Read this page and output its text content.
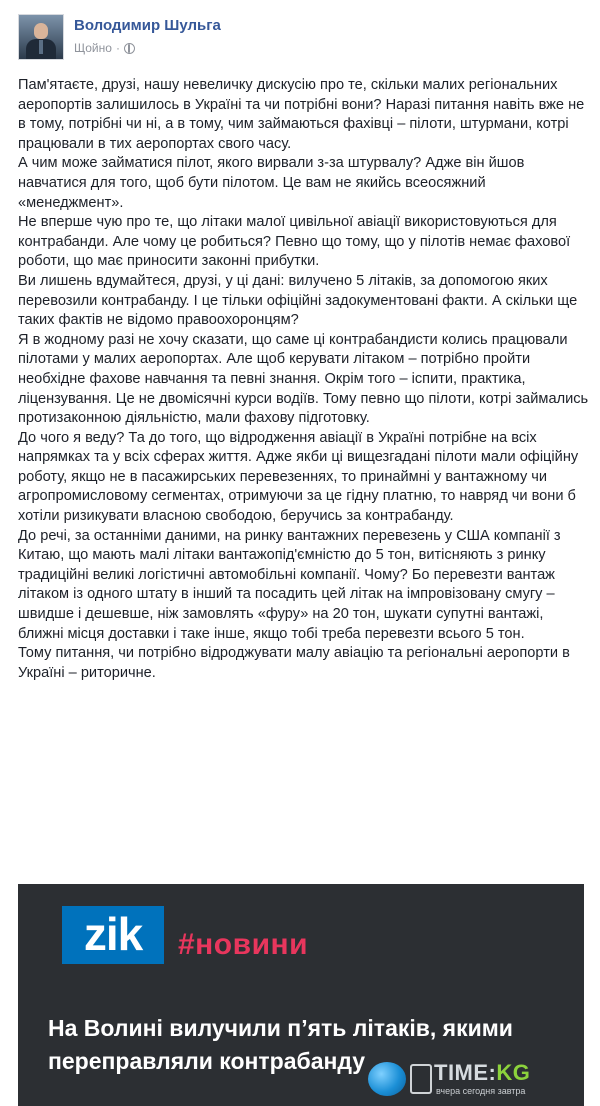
Володимир Шульга
Щойно ·

Пам'ятаєте, друзі, нашу невеличку дискусію про те, скільки малих регіональних аеропортів залишилось в Україні та чи потрібні вони? Наразі питання навіть вже не в тому, потрібні чи ні, а в тому, чим займаються фахівці – пілоти, штурмани, котрі працювали в тих аеропортах свого часу.

А чим може займатися пілот, якого вирвали з-за штурвалу? Адже він йшов навчатися для того, щоб бути пілотом. Це вам не якийсь всеосяжний «менеджмент».

Не вперше чую про те, що літаки малої цивільної авіації використовуються для контрабанди. Але чому це робиться? Певно що тому, що у пілотів немає фахової роботи, що має приносити законні прибутки.

Ви лишень вдумайтеся, друзі, у ці дані: вилучено 5 літаків, за допомогою яких перевозили контрабанду. І це тільки офіційні задокументовані факти. А скільки ще таких фактів не відомо правоохоронцям?

Я в жодному разі не хочу сказати, що саме ці контрабандисти колись працювали пілотами у малих аеропортах. Але щоб керувати літаком – потрібно пройти необхідне фахове навчання та певні знання. Окрім того – іспити, практика, ліцензування. Це не двомісячні курси водіїв. Тому певно що пілоти, котрі займались протизаконною діяльністю, мали фахову підготовку.

До чого я веду? Та до того, що відродження авіації в Україні потрібне на всіх напрямках та у всіх сферах життя. Адже якби ці вищезгадані пілоти мали офіційну роботу, якщо не в пасажирських перевезеннях, то принаймні у вантажному чи агропромисловому сегментах, отримуючи за це гідну платню, то навряд чи вони б хотіли ризикувати власною свободою, беручись за контрабанду.

До речі, за останніми даними, на ринку вантажних перевезень у США компанії з Китаю, що мають малі літаки вантажопід'ємністю до 5 тон, витісняють з ринку традиційні великі логістичні автомобільні компанії. Чому? Бо перевезти вантаж літаком із одного штату в інший та посадить цей літак на імпровізовану смугу – швидше і дешевше, ніж замовлять «фуру» на 20 тон, шукати супутні вантажі, ближні місця доставки і таке інше, якщо тобі треба перевезти всього 5 тон.

Тому питання, чи потрібно відроджувати малу авіацію та регіональні аеропорти в Україні – риторичне.

zik	#новини
На Волині вилучили п’ять літаків, якими переправляли контрабанду	TIME:KG
вчера сегодня завтра
